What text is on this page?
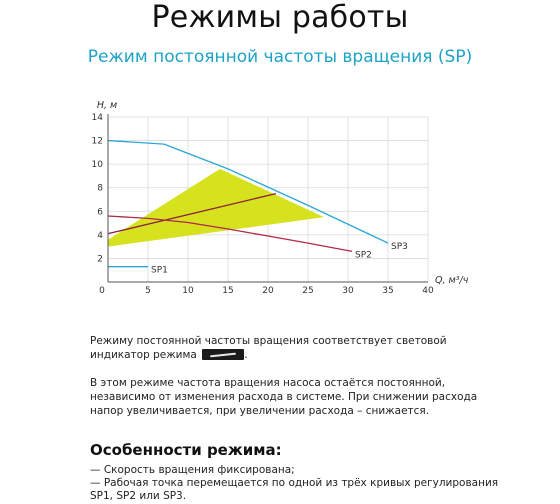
Режимы работы
Режим постоянной частоты вращения (SP)
0	5	10	15	20	25	30	35	40
2
4
6
8
10
12
14
H, м
Q, м³/ч
SP1
SP2
SP3
Режиму постоянной частоты вращения соответствует световой индикатор режима	.
В этом режиме частота вращения насоса остаётся постоянной, независимо от изменения расхода в системе. При снижении расхода напор увеличивается, при увеличении расхода – снижается.
Особенности режима:
— Скорость вращения фиксирована;
— Рабочая точка перемещается по одной из трёх кривых регулирования SP1, SP2 или SP3.
